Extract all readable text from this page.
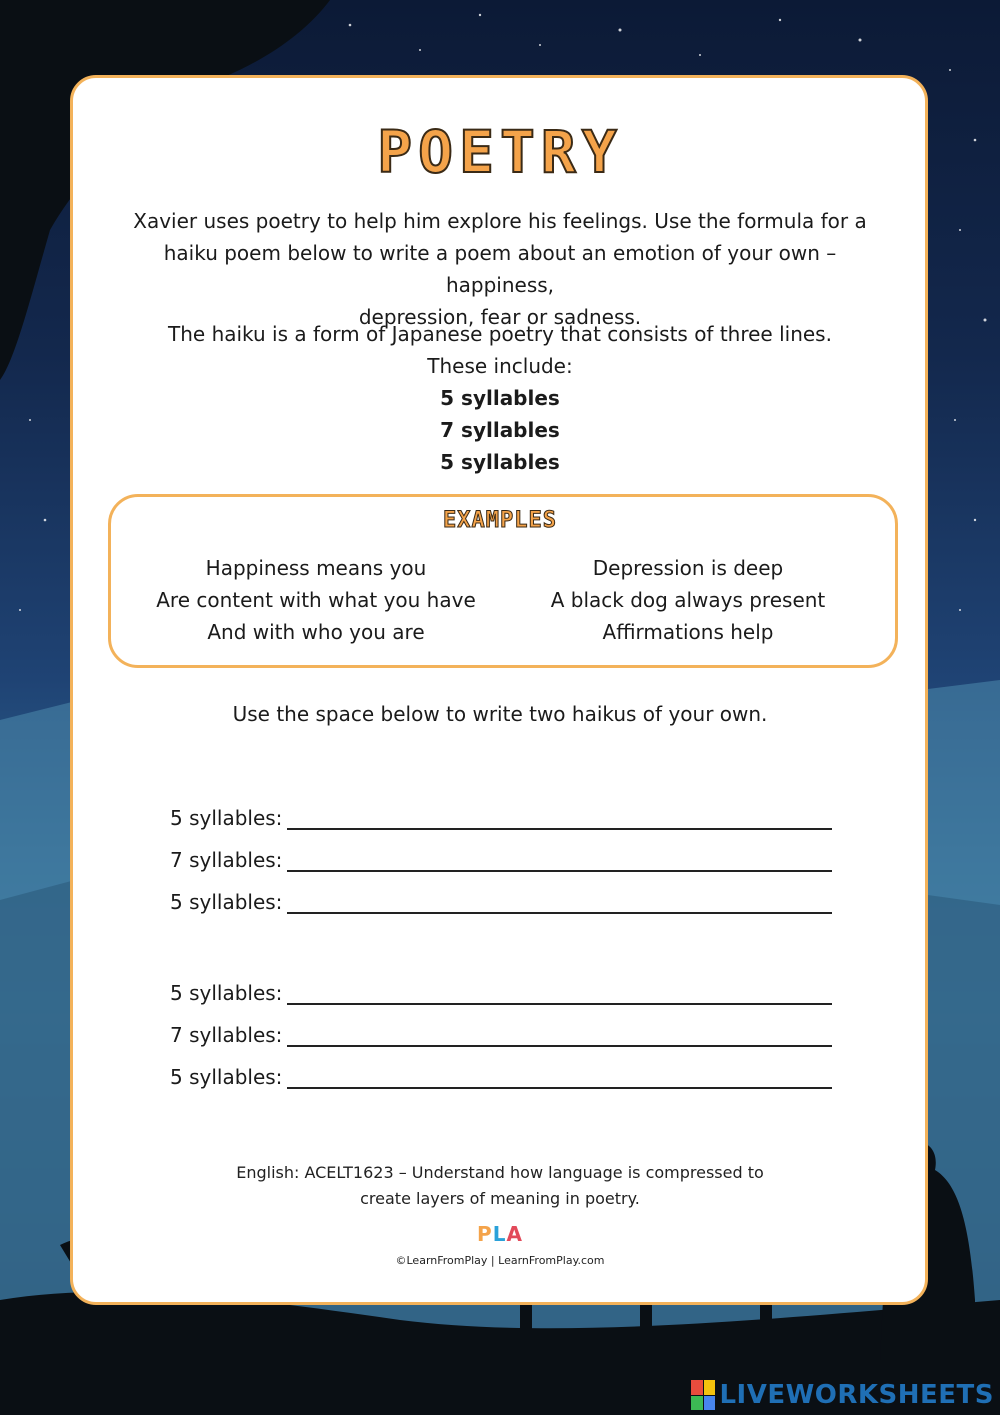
POETRY
Xavier uses poetry to help him explore his feelings. Use the formula for a
haiku poem below to write a poem about an emotion of your own – happiness,
depression, fear or sadness.
The haiku is a form of Japanese poetry that consists of three lines.
These include:
5 syllables
7 syllables
5 syllables
EXAMPLES
Happiness means you
Are content with what you have
And with who you are
Depression is deep
A black dog always present
Affirmations help
Use the space below to write two haikus of your own.
5 syllables:
7 syllables:
5 syllables:
5 syllables:
7 syllables:
5 syllables:
English: ACELT1623 – Understand how language is compressed to
create layers of meaning in poetry.
PLA
©LearnFromPlay | LearnFromPlay.com
LIVEWORKSHEETS
